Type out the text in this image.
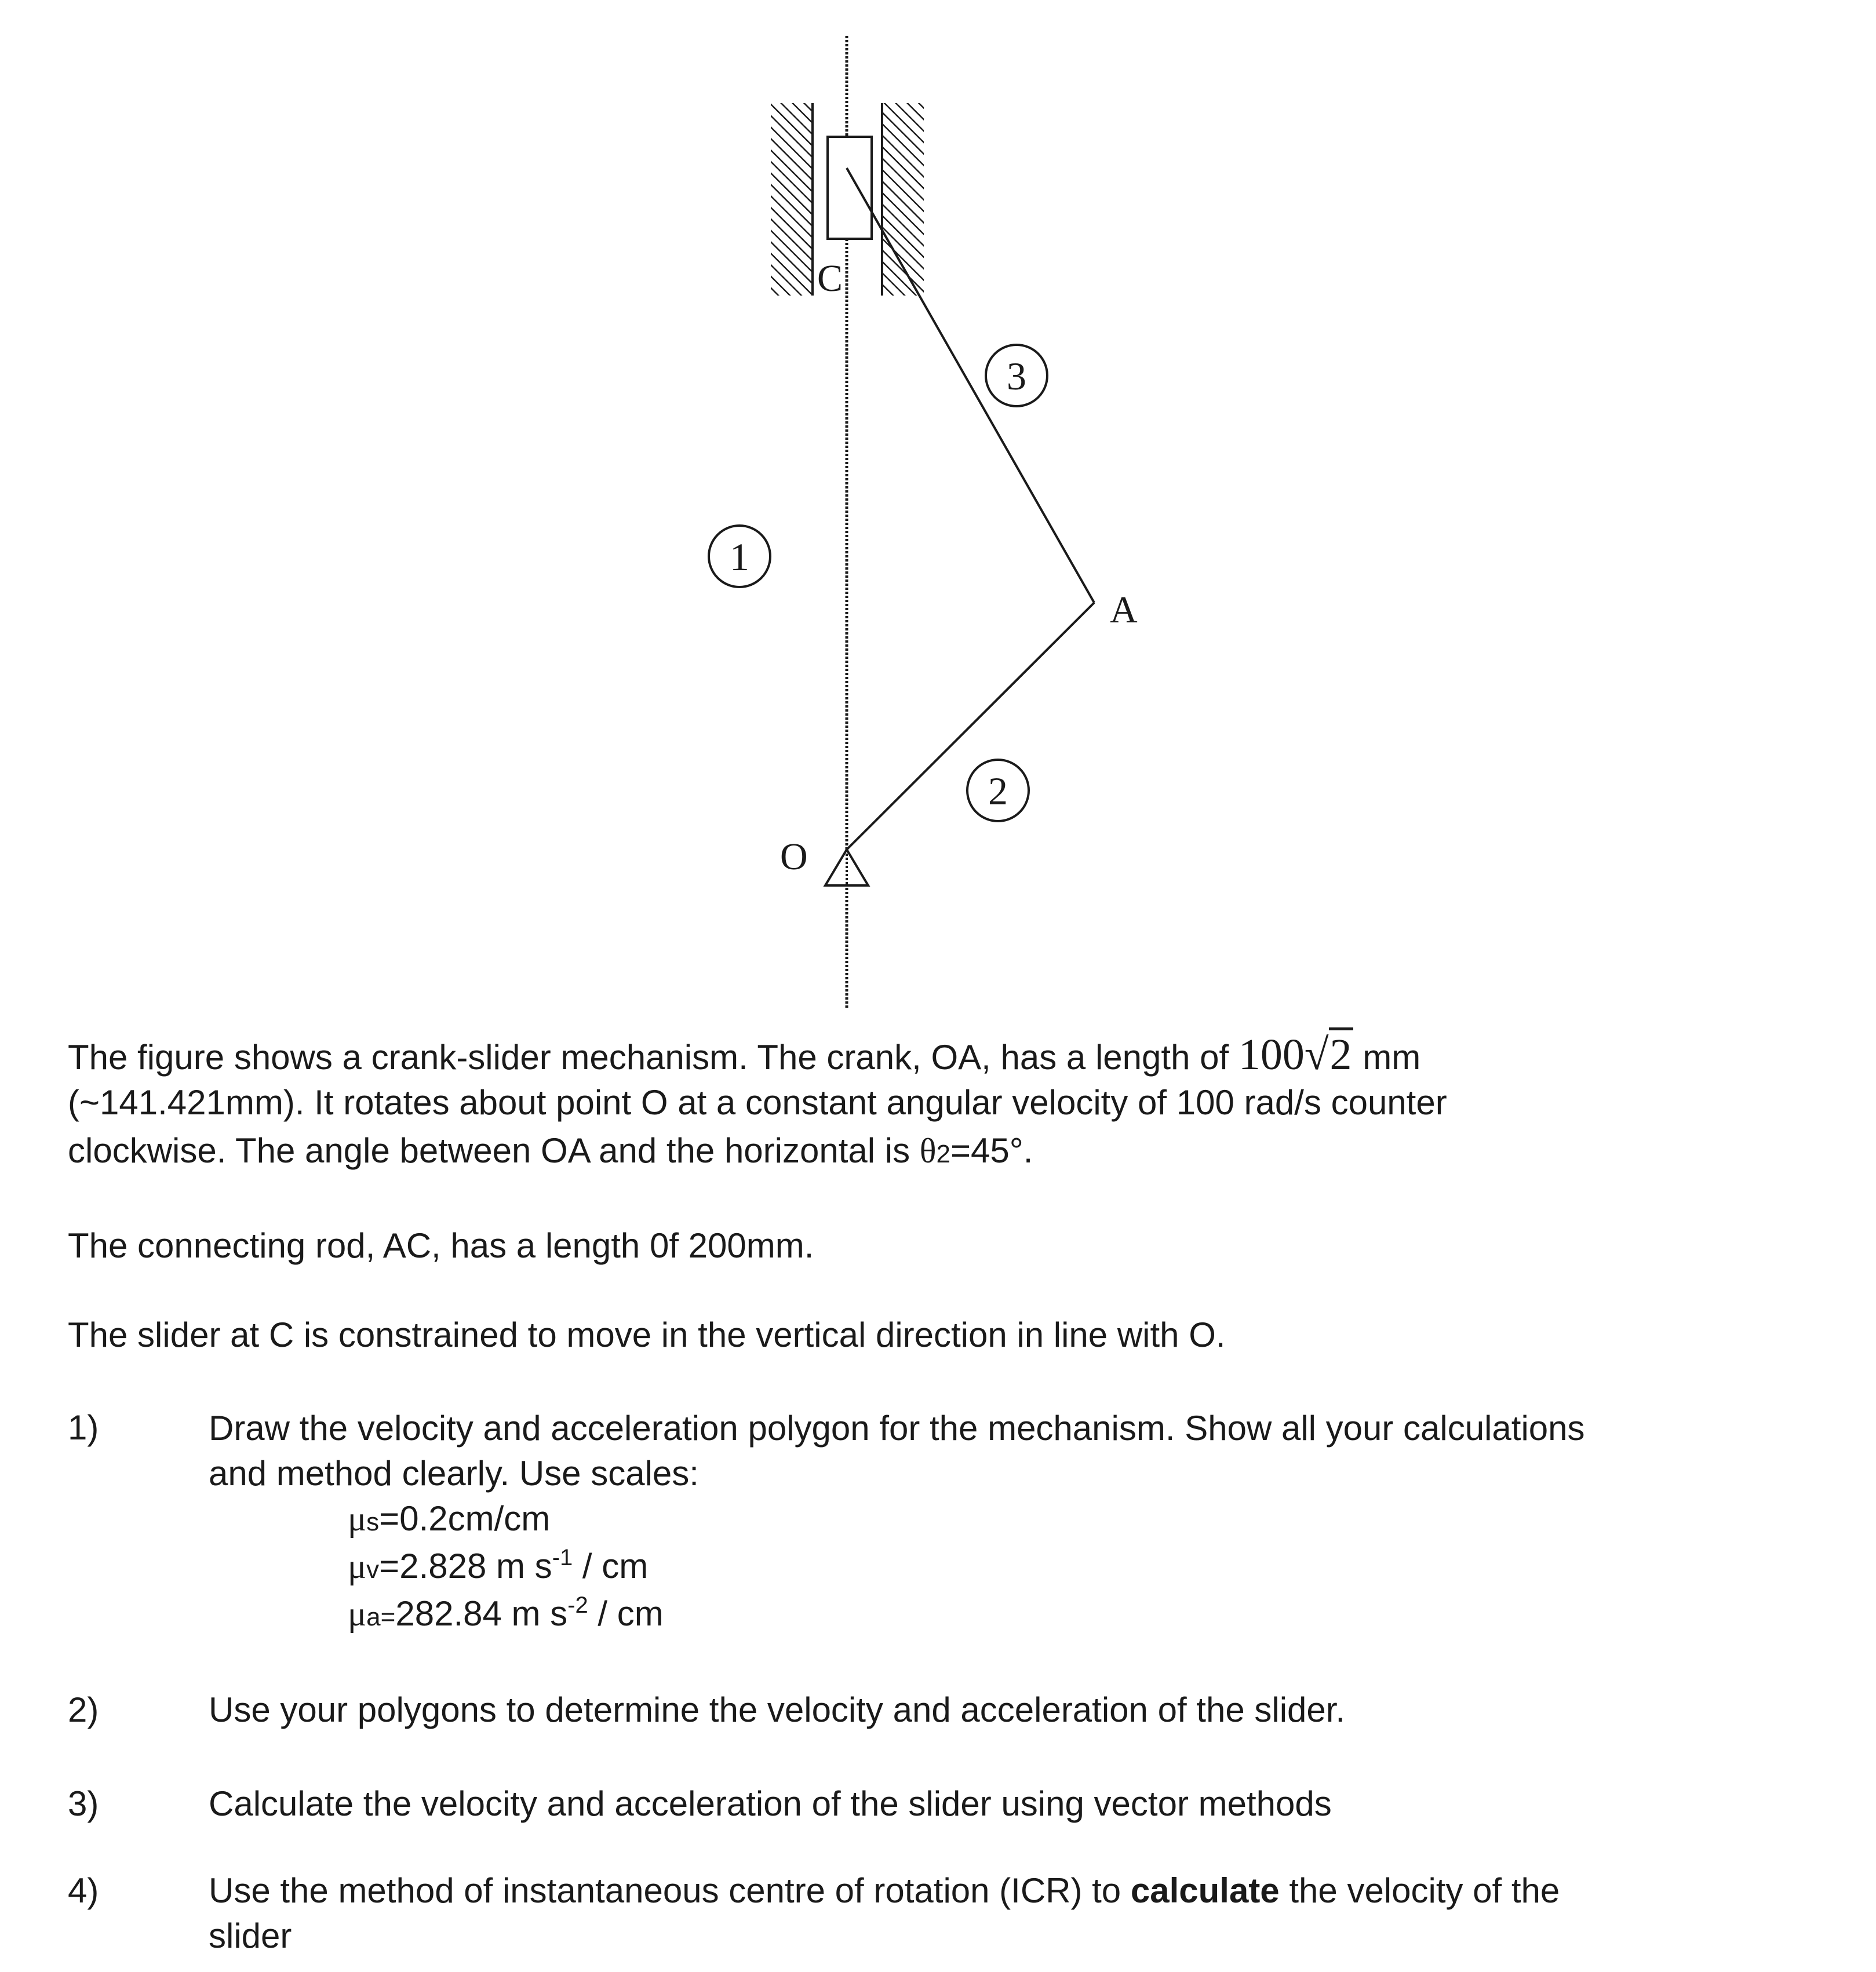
C
A
O
1
2
3
The figure shows a crank-slider mechanism. The crank, OA, has a length of 100√2 mm
(~141.421mm). It rotates about point O at a constant angular velocity of 100 rad/s counter
clockwise. The angle between OA and the horizontal is θ2=45°.
The connecting rod, AC, has a length 0f 200mm.
The slider at C is constrained to move in the vertical direction in line with O.
1)	Draw the velocity and acceleration polygon for the mechanism. Show all your calculations
and method clearly. Use scales:
μs=0.2cm/cm
μv=2.828 m $s^{-1}$ / cm
μa=282.84 m $s^{-2}$ / cm
2)	Use your polygons to determine the velocity and acceleration of the slider.
3)	Calculate the velocity and acceleration of the slider using vector methods
4)	Use the method of instantaneous centre of rotation (ICR) to calculate the velocity of the
slider
